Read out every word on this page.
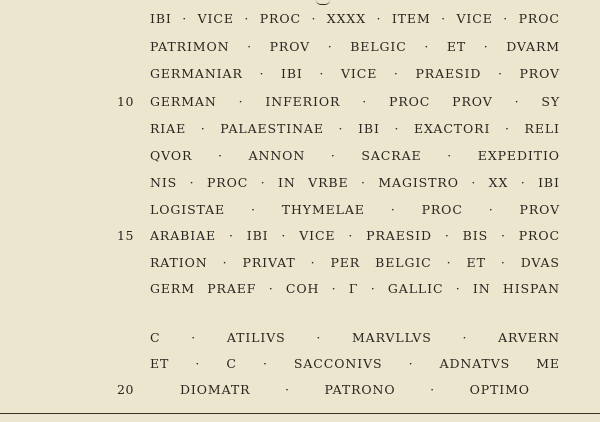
IBI · VICE · PROC · XXXX · ITEM · VICE · PROC
PATRIMON · PROV · BELGIC · ET · DVARM
GERMANIAR · IBI · VICE · PRAESID · PROV
10 GERMAN · INFERIOR · PROC PROV · SY
RIAE · PALAESTINAE · IBI · EXACTORI · RELI
QVOR · ANNON · SACRAE · EXPEDITIO
NIS · PROC · IN VRBE · MAGISTRO · XX · IBI
LOGISTAE · THYMELAE · PROC · PROV
15 ARABIAE · IBI · VICE · PRAESID · BIS · PROC
RATION · PRIVAT · PER BELGIC · ET · DVAS
GERM PRAEF · COH · Γ · GALLIC · IN HISPAN
C · ATILIVS · MARVLLVS · ARVERN
ET · C · SACCONIVS · ADNATVS ME
20	DIOMATR	·	PATRONO	·	OPTIMO
